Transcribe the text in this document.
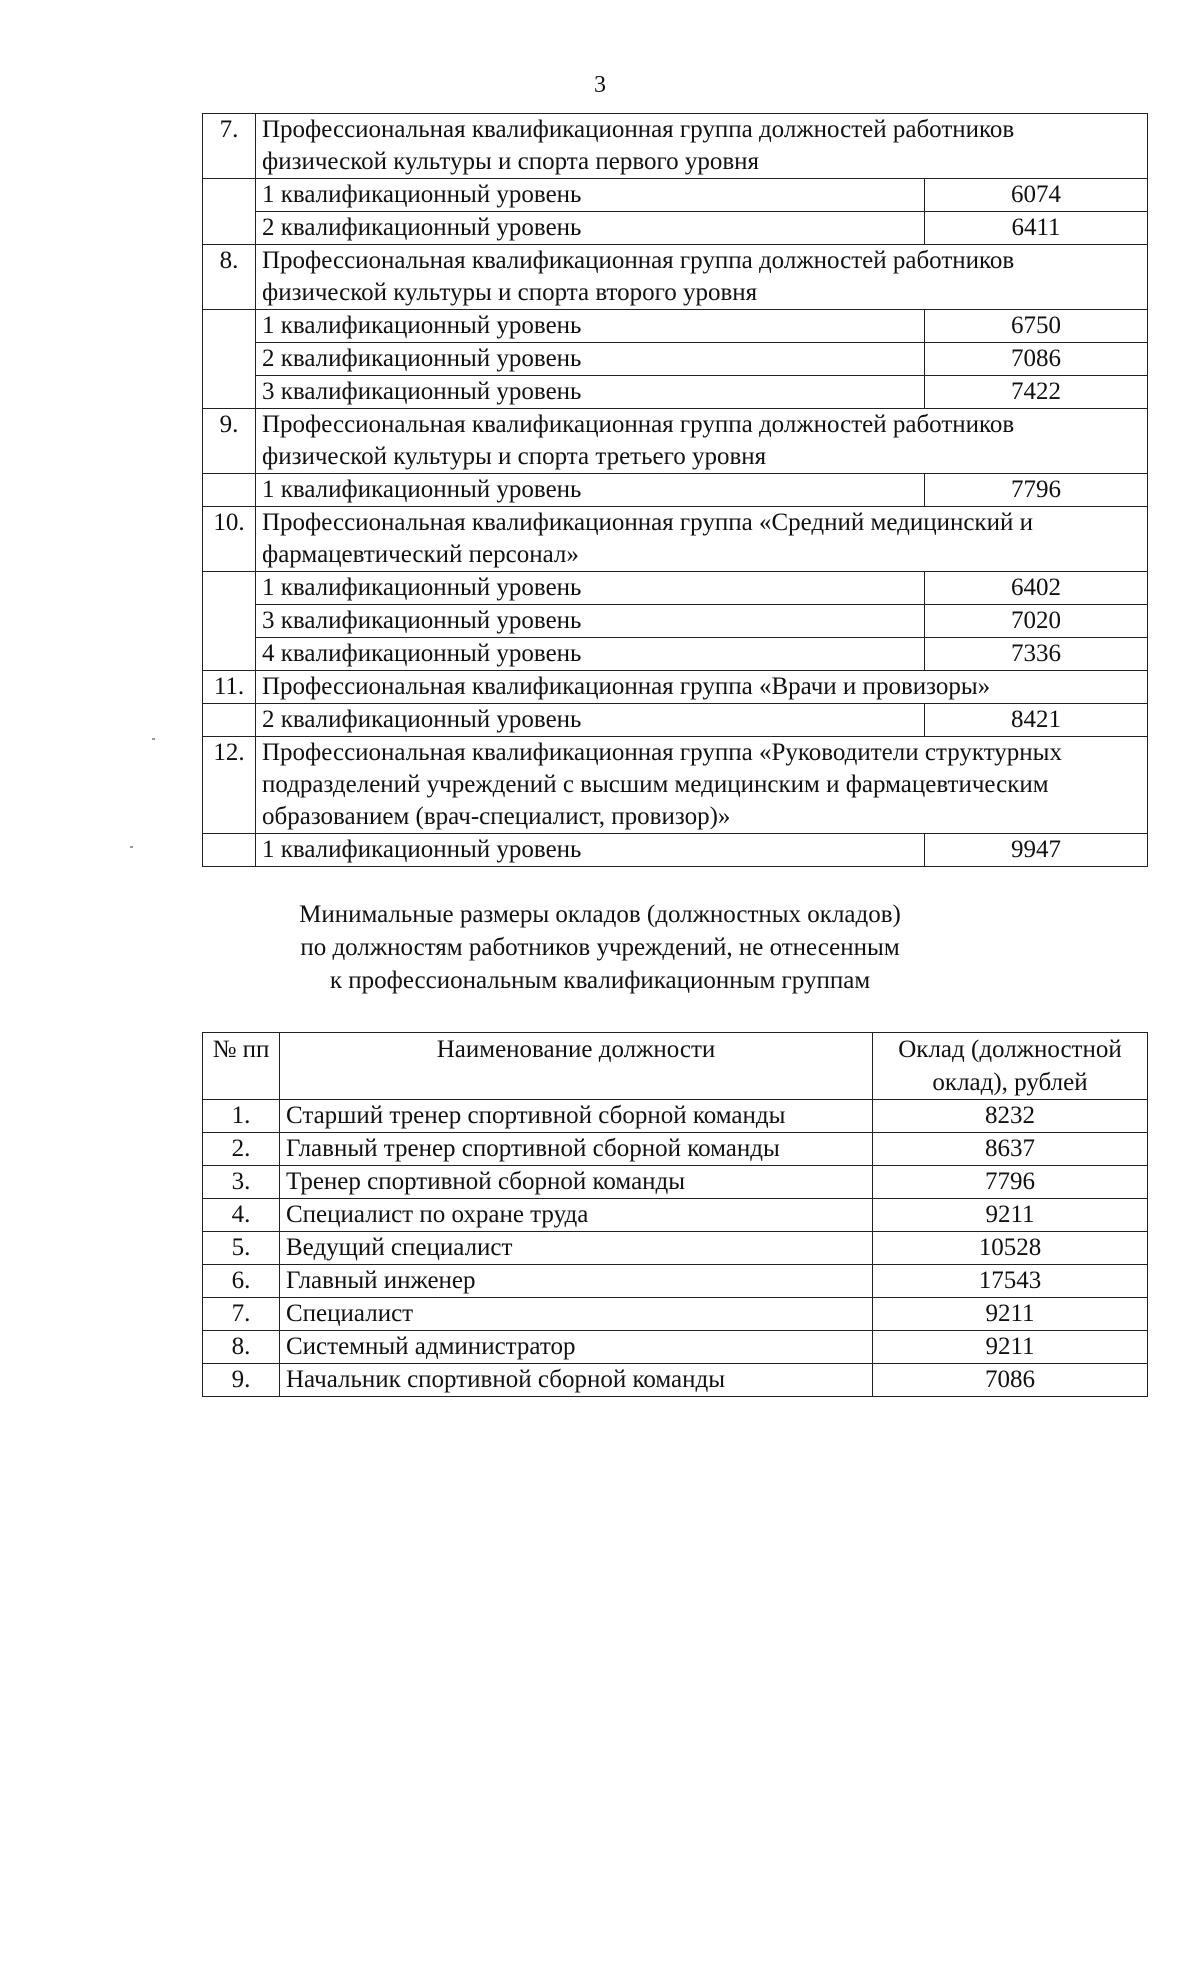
3
7.	Профессиональная квалификационная группа должностей работников физической культуры и спорта первого уровня	
	1 квалификационный уровень	6074
	2 квалификационный уровень	6411
8.	Профессиональная квалификационная группа должностей работников физической культуры и спорта второго уровня	
	1 квалификационный уровень	6750
	2 квалификационный уровень	7086
	3 квалификационный уровень	7422
9.	Профессиональная квалификационная группа должностей работников физической культуры и спорта третьего уровня	
	1 квалификационный уровень	7796
10.	Профессиональная квалификационная группа «Средний медицинский и фармацевтический персонал»	
	1 квалификационный уровень	6402
	3 квалификационный уровень	7020
	4 квалификационный уровень	7336
11.	Профессиональная квалификационная группа «Врачи и провизоры»	
	2 квалификационный уровень	8421
12.	Профессиональная квалификационная группа «Руководители структурных подразделений учреждений с высшим медицинским и фармацевтическим образованием (врач-специалист, провизор)»	
	1 квалификационный уровень	9947
Минимальные размеры окладов (должностных окладов)
по должностям работников учреждений, не отнесенным
к профессиональным квалификационным группам
№ пп	Наименование должности	Оклад (должностной оклад), рублей
1.	Старший тренер спортивной сборной команды	8232
2.	Главный тренер спортивной сборной команды	8637
3.	Тренер спортивной сборной команды	7796
4.	Специалист по охране труда	9211
5.	Ведущий специалист	10528
6.	Главный инженер	17543
7.	Специалист	9211
8.	Системный администратор	9211
9.	Начальник спортивной сборной команды	7086
